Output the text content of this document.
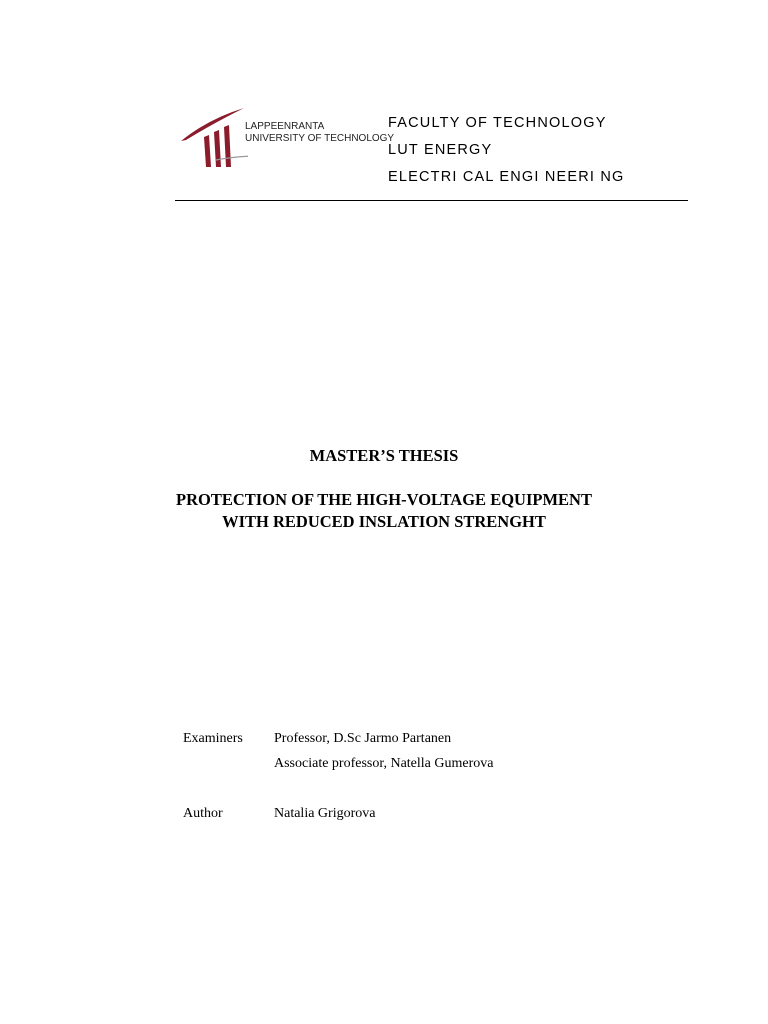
LAPPEENRANTA
UNIVERSITY OF TECHNOLOGY
FACULTY OF TECHNOLOGY
LUT ENERGY
ELECTRI CAL ENGI NEERI NG
MASTER’S THESIS
PROTECTION OF THE HIGH-VOLTAGE EQUIPMENT
WITH REDUCED INSLATION STRENGHT
Examiners Professor, D.Sc Jarmo Partanen
Associate professor, Natella Gumerova
Author	Natalia Grigorova
